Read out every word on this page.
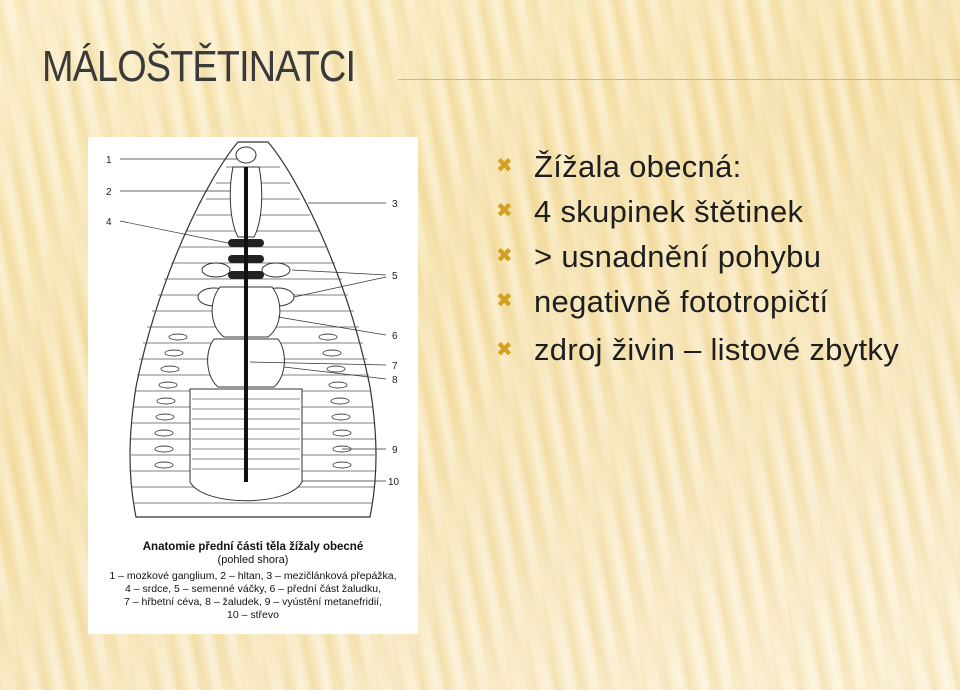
MÁLOŠTĚTINATCI
1
2
4
3
5
6
7
8
9
10
Anatomie přední části těla žížaly obecné
(pohled shora)
1 – mozkové ganglium, 2 – hltan, 3 – mezičlánková přepážka,
4 – srdce, 5 – semenné váčky, 6 – přední část žaludku,
7 – hřbetní céva, 8 – žaludek, 9 – vyústění metanefridií,
10 – střevo
✖ Žížala obecná:
✖ 4 skupinek štětinek
✖ > usnadnění pohybu
✖ negativně fototropičtí
✖ zdroj živin – listové zbytky
